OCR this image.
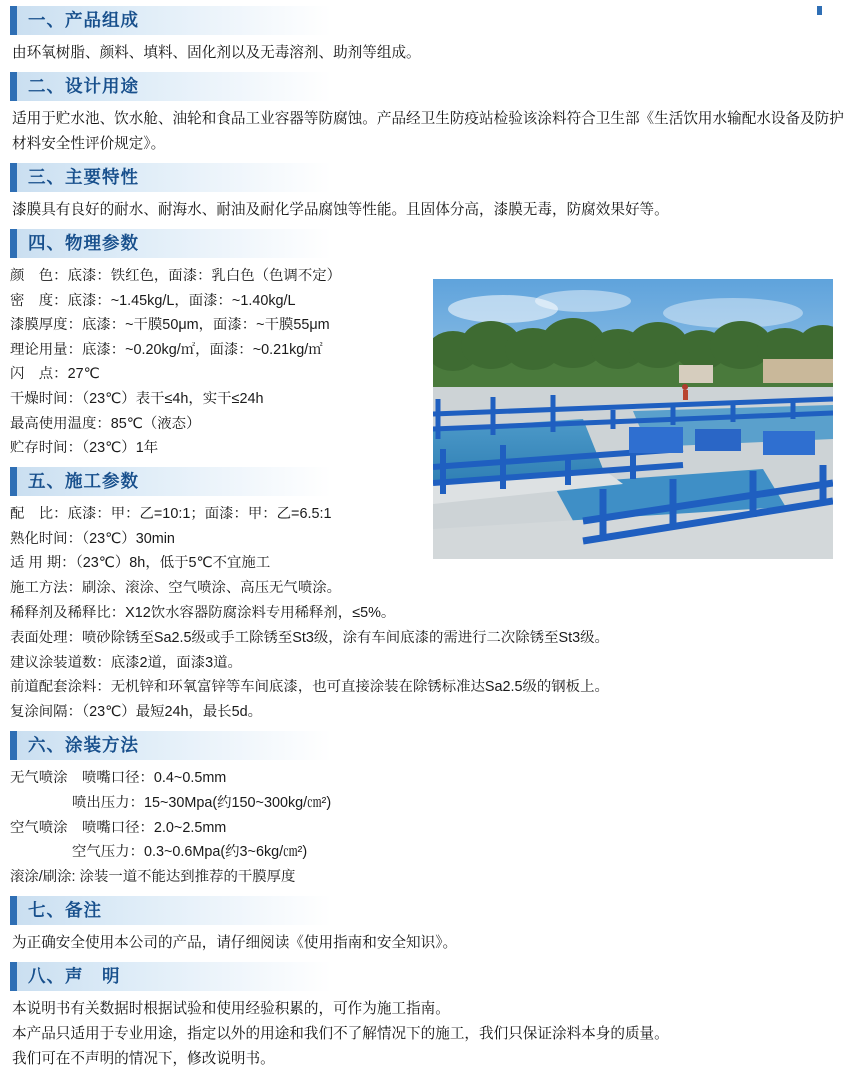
一、产品组成

由环氧树脂、颜料、填料、固化剂以及无毒溶剂、助剂等组成。

二、设计用途

适用于贮水池、饮水舱、油轮和食品工业容器等防腐蚀。产品经卫生防疫站检验该涂料符合卫生部《生活饮用水输配水设备及防护

材料安全性评价规定》。

三、主要特性

漆膜具有良好的耐水、耐海水、耐油及耐化学品腐蚀等性能。且固体分高，漆膜无毒，防腐效果好等。

四、物理参数
颜　色：底漆：铁红色，面漆：乳白色（色调不定）
密　度：底漆：~1.45kg/L，面漆：~1.40kg/L
漆膜厚度：底漆：~干膜50μm，面漆：~干膜55μm
理论用量：底漆：~0.20kg/㎡，面漆：~0.21kg/㎡
闪　点：27℃
干燥时间：（23℃）表干≤4h，实干≤24h
最高使用温度：85℃（液态）
贮存时间：（23℃）1年
五、施工参数
配　比：底漆：甲：乙=10:1；面漆：甲：乙=6.5:1
熟化时间：（23℃）30min
适 用 期：（23℃）8h，低于5℃不宜施工
施工方法：刷涂、滚涂、空气喷涂、高压无气喷涂。
稀释剂及稀释比：X12饮水容器防腐涂料专用稀释剂，≤5%。
表面处理：喷砂除锈至Sa2.5级或手工除锈至St3级，涂有车间底漆的需进行二次除锈至St3级。
建议涂装道数：底漆2道，面漆3道。
前道配套涂料：无机锌和环氧富锌等车间底漆，也可直接涂装在除锈标准达Sa2.5级的钢板上。
复涂间隔：（23℃）最短24h，最长5d。
六、涂装方法
无气喷涂　喷嘴口径：0.4~0.5mm
喷出压力：15~30Mpa(约150~300kg/㎝²)
空气喷涂　喷嘴口径：2.0~2.5mm
空气压力：0.3~0.6Mpa(约3~6kg/㎝²)
滚涂/刷涂: 涂装一道不能达到推荐的干膜厚度
七、备注

为正确安全使用本公司的产品，请仔细阅读《使用指南和安全知识》。

八、声　明
本说明书有关数据时根据试验和使用经验积累的，可作为施工指南。
本产品只适用于专业用途，指定以外的用途和我们不了解情况下的施工，我们只保证涂料本身的质量。
我们可在不声明的情况下，修改说明书。
